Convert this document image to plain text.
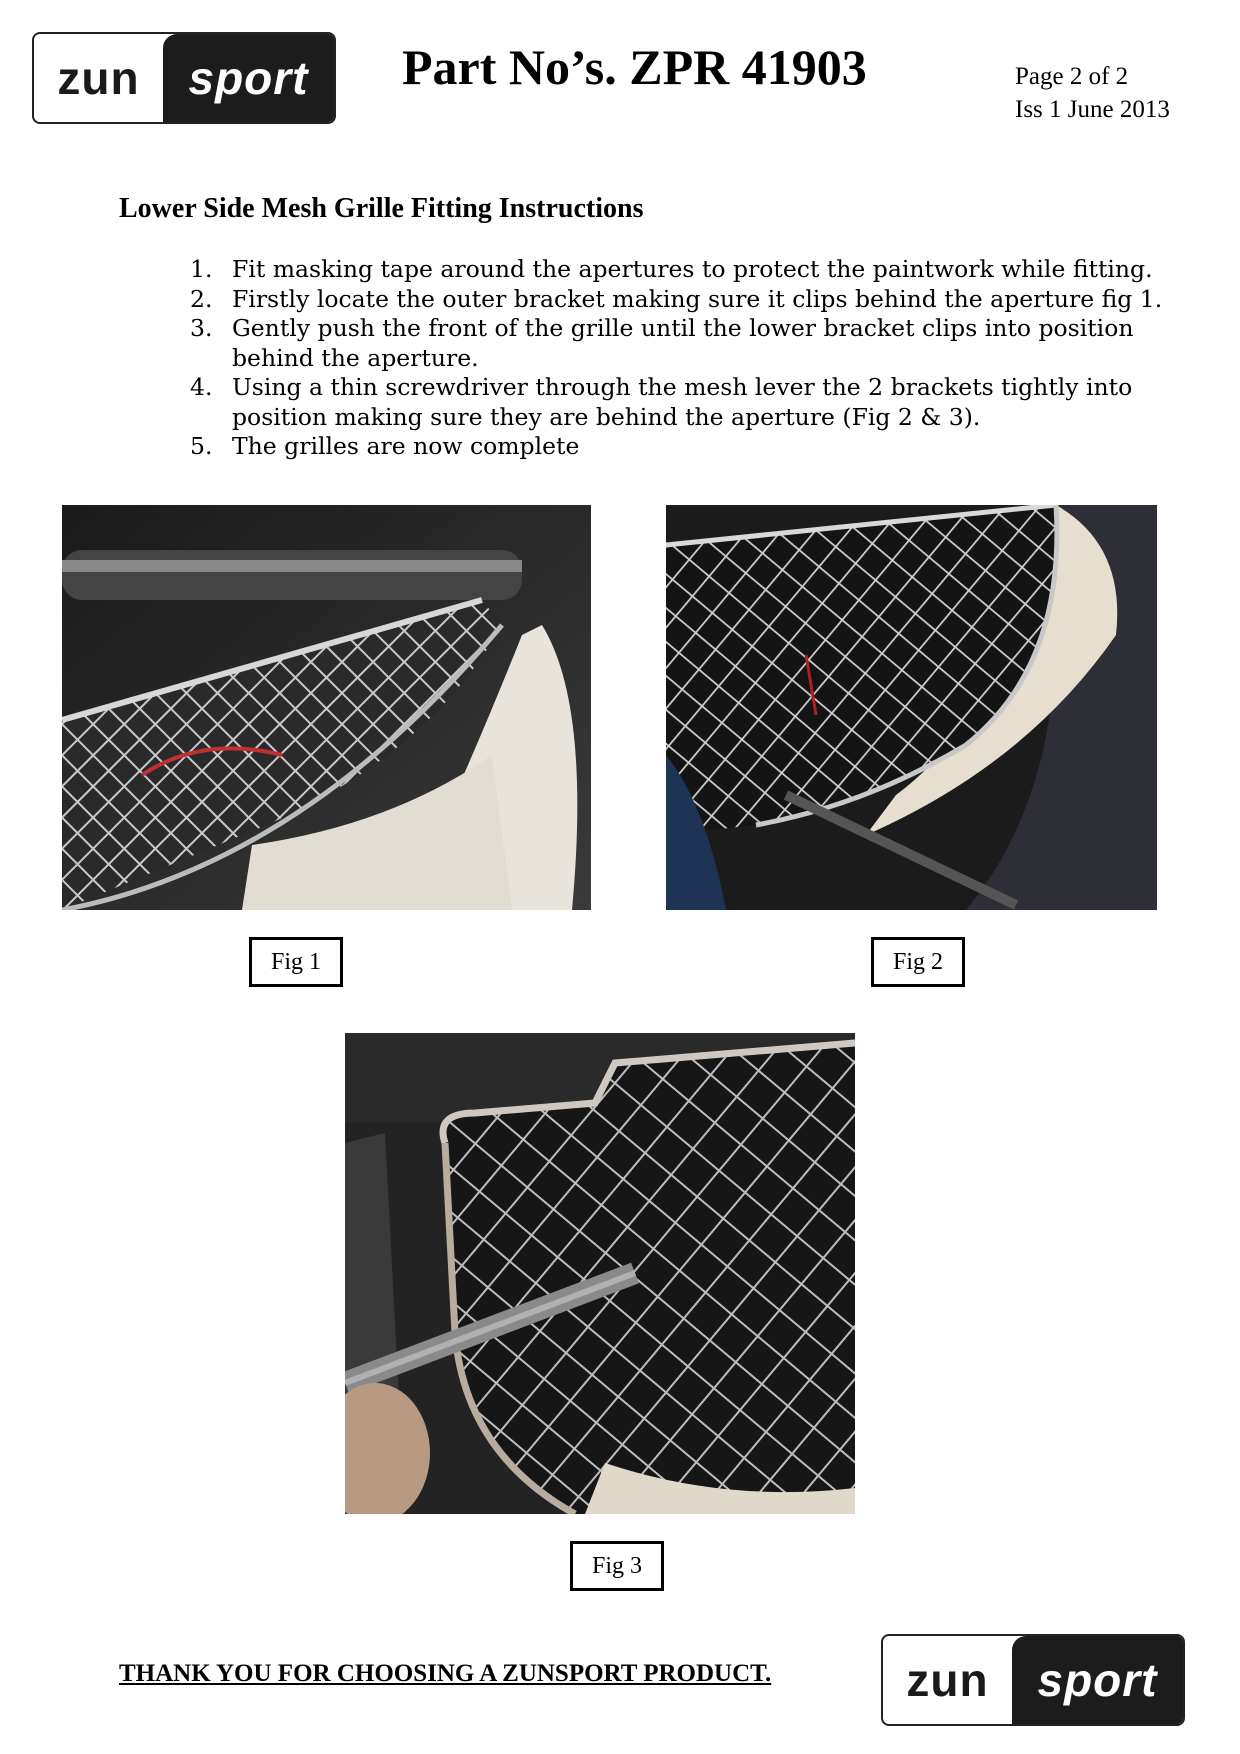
zun	sport	Part No’s. ZPR 41903	Page 2 of 2
Iss 1 June 2013
Lower Side Mesh Grille Fitting Instructions
1. Fit masking tape around the apertures to protect the paintwork while fitting.
2. Firstly locate the outer bracket making sure it clips behind the aperture fig 1.
3. Gently push the front of the grille until the lower bracket clips into position behind the aperture.
4. Using a thin screwdriver through the mesh lever the 2 brackets tightly into position making sure they are behind the aperture (Fig 2 & 3).
5. The grilles are now complete
Fig 1	Fig 2
Fig 3
THANK YOU FOR CHOOSING A ZUNSPORT PRODUCT.	zun	sport
